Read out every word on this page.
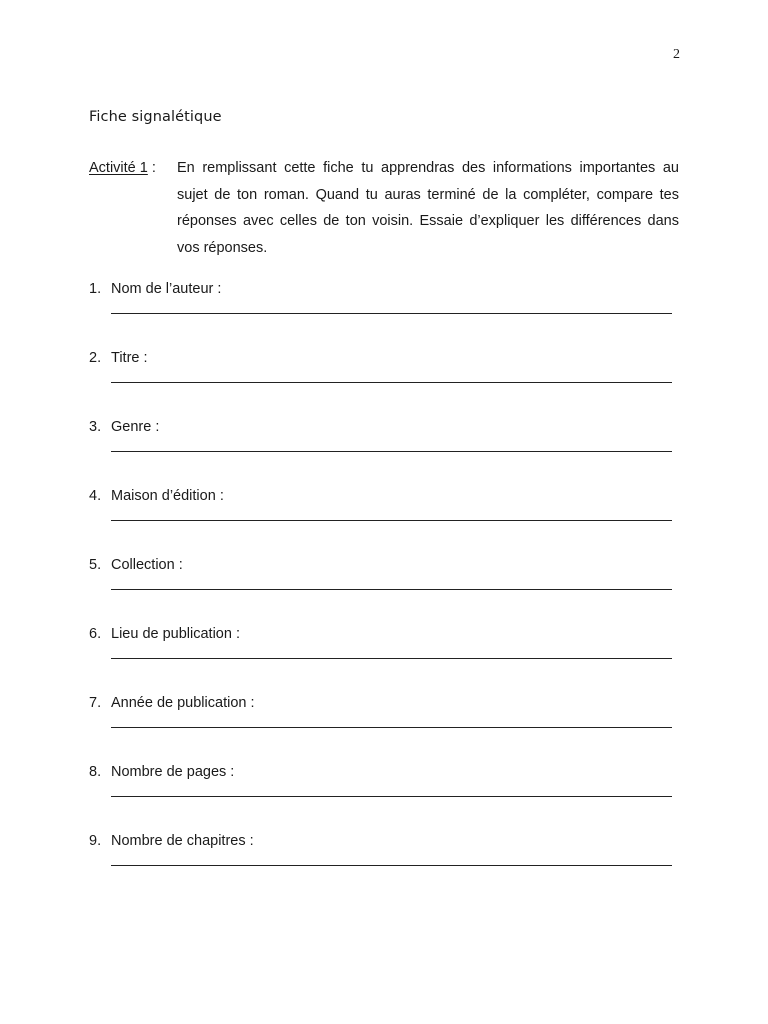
2
Fiche signalétique
Activité 1 :	En remplissant cette fiche tu apprendras des informations importantes au sujet de ton roman. Quand tu auras terminé de la compléter, compare tes réponses avec celles de ton voisin. Essaie d’expliquer les différences dans vos réponses.
1. Nom de l’auteur :
2. Titre :
3. Genre :
4. Maison d’édition :
5. Collection :
6. Lieu de publication :
7. Année de publication :
8. Nombre de pages :
9. Nombre de chapitres :
